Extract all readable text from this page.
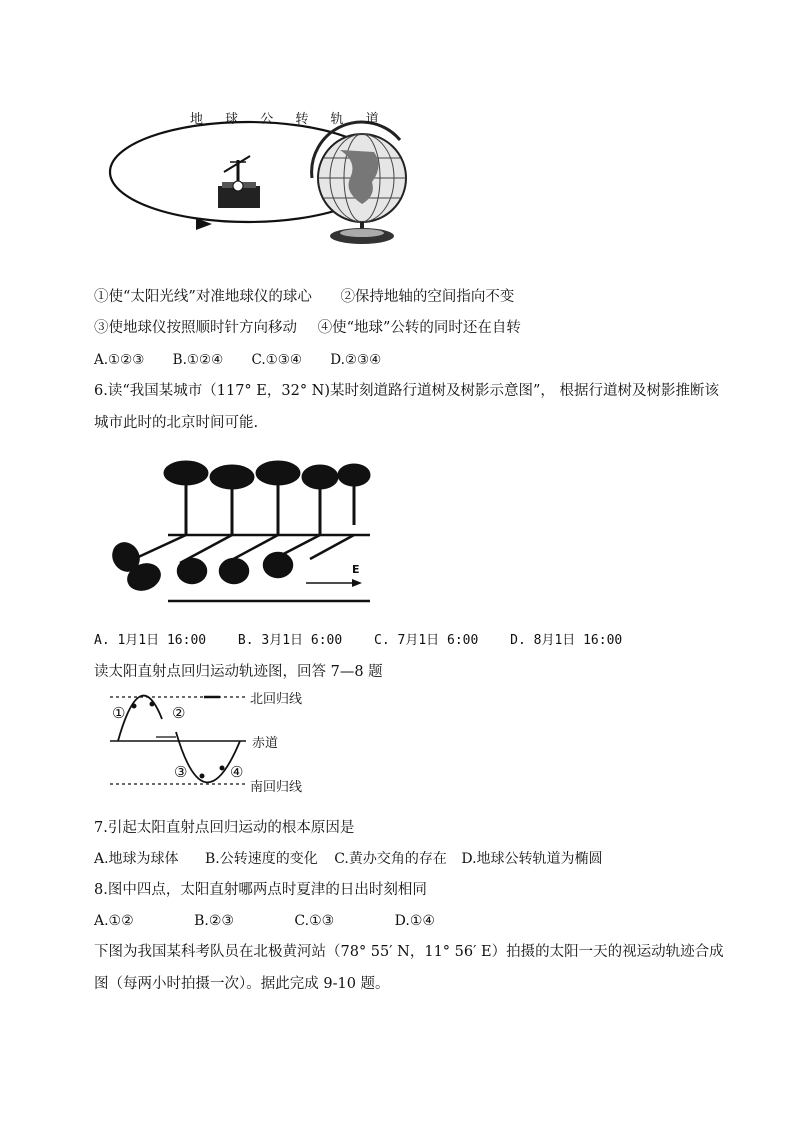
地 球 公 转 轨 道
①使“太阳光线”对准地球仪的球心 ②保持地轴的空间指向不变
③使地球仪按照顺时针方向移动 ④使“地球”公转的同时还在自转
A.①②③ B.①②④ C.①③④ D.②③④
6.读“我国某城市（117° E，32° N)某时刻道路行道树及树影示意图”， 根据行道树及树影推断该
城市此时的北京时间可能.
E
A. 1月1日 16:00 B. 3月1日 6:00 C. 7月1日 6:00 D. 8月1日 16:00
读太阳直射点回归运动轨迹图，回答 7—8 题
①	②
③	④
北回归线
赤道
南回归线
7.引起太阳直射点回归运动的根本原因是
A.地球为球体 B.公转速度的变化 C.黄办交角的存在 D.地球公转轨道为椭圆
8.图中四点，太阳直射哪两点时夏津的日出时刻相同
A.①②	B.②③	C.①③	D.①④
下图为我国某科考队员在北极黄河站（78° 55′ N，11° 56′ E）拍摄的太阳一天的视运动轨迹合成
图（每两小时拍摄一次）。据此完成 9-10 题。
